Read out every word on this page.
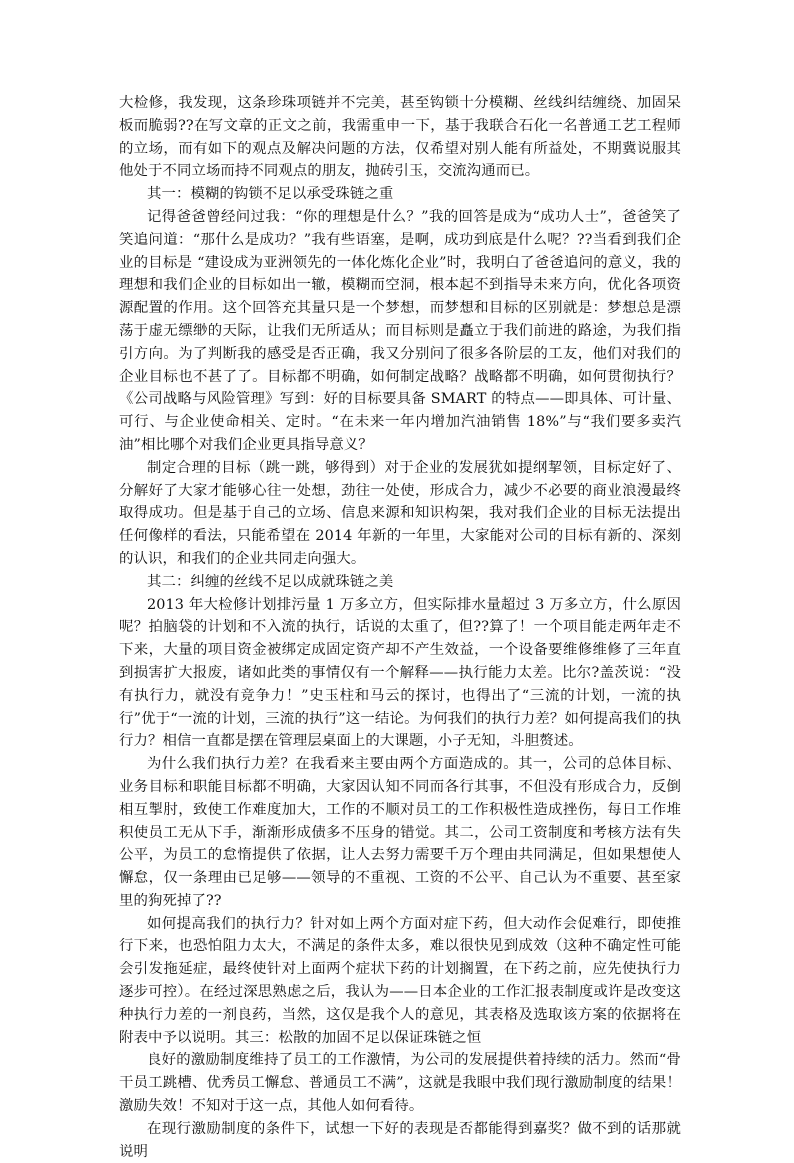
大检修，我发现，这条珍珠项链并不完美，甚至钩锁十分模糊、丝线纠结缠绕、加固呆板而脆弱??在写文章的正文之前，我需重申一下，基于我联合石化一名普通工艺工程师的立场，而有如下的观点及解决问题的方法，仅希望对别人能有所益处，不期冀说服其他处于不同立场而持不同观点的朋友，抛砖引玉，交流沟通而已。

其一：模糊的钩锁不足以承受珠链之重

记得爸爸曾经问过我：“你的理想是什么？”我的回答是成为“成功人士”，爸爸笑了笑追问道：“那什么是成功？”我有些语塞，是啊，成功到底是什么呢？??当看到我们企业的目标是 “建设成为亚洲领先的一体化炼化企业”时，我明白了爸爸追问的意义，我的理想和我们企业的目标如出一辙，模糊而空洞，根本起不到指导未来方向，优化各项资源配置的作用。这个回答充其量只是一个梦想，而梦想和目标的区别就是：梦想总是漂荡于虚无缥缈的天际，让我们无所适从；而目标则是矗立于我们前进的路途，为我们指引方向。为了判断我的感受是否正确，我又分别问了很多各阶层的工友，他们对我们的企业目标也不甚了了。目标都不明确，如何制定战略？战略都不明确，如何贯彻执行？《公司战略与风险管理》写到：好的目标要具备 SMART 的特点——即具体、可计量、可行、与企业使命相关、定时。“在未来一年内增加汽油销售 18%”与“我们要多卖汽油”相比哪个对我们企业更具指导意义？

制定合理的目标（跳一跳，够得到）对于企业的发展犹如提纲挈领，目标定好了、分解好了大家才能够心往一处想，劲往一处使，形成合力，减少不必要的商业浪漫最终取得成功。但是基于自己的立场、信息来源和知识构架，我对我们企业的目标无法提出任何像样的看法，只能希望在 2014 年新的一年里，大家能对公司的目标有新的、深刻的认识，和我们的企业共同走向强大。

其二：纠缠的丝线不足以成就珠链之美

2013 年大检修计划排污量 1 万多立方，但实际排水量超过 3 万多立方，什么原因呢？拍脑袋的计划和不入流的执行，话说的太重了，但??算了！一个项目能走两年走不下来，大量的项目资金被绑定成固定资产却不产生效益，一个设备要维修维修了三年直到损害扩大报废，诸如此类的事情仅有一个解释——执行能力太差。比尔?盖茨说：“没有执行力，就没有竞争力！”史玉柱和马云的探讨，也得出了“三流的计划，一流的执行”优于“一流的计划，三流的执行”这一结论。为何我们的执行力差？如何提高我们的执行力？相信一直都是摆在管理层桌面上的大课题，小子无知，斗胆赘述。

为什么我们执行力差？在我看来主要由两个方面造成的。其一，公司的总体目标、业务目标和职能目标都不明确，大家因认知不同而各行其事，不但没有形成合力，反倒相互掣肘，致使工作难度加大，工作的不顺对员工的工作积极性造成挫伤，每日工作堆积使员工无从下手，渐渐形成债多不压身的错觉。其二，公司工资制度和考核方法有失公平，为员工的怠惰提供了依据，让人去努力需要千万个理由共同满足，但如果想使人懈怠，仅一条理由已足够——领导的不重视、工资的不公平、自己认为不重要、甚至家里的狗死掉了??

如何提高我们的执行力？针对如上两个方面对症下药，但大动作会促难行，即使推行下来，也恐怕阻力太大，不满足的条件太多，难以很快见到成效（这种不确定性可能会引发拖延症，最终使针对上面两个症状下药的计划搁置，在下药之前，应先使执行力逐步可控）。在经过深思熟虑之后，我认为——日本企业的工作汇报表制度或许是改变这种执行力差的一剂良药，当然，这仅是我个人的意见，其表格及选取该方案的依据将在附表中予以说明。其三：松散的加固不足以保证珠链之恒

良好的激励制度维持了员工的工作激情，为公司的发展提供着持续的活力。然而“骨干员工跳槽、优秀员工懈怠、普通员工不满”，这就是我眼中我们现行激励制度的结果！激励失效！不知对于这一点，其他人如何看待。

在现行激励制度的条件下，试想一下好的表现是否都能得到嘉奖？做不到的话那就说明
